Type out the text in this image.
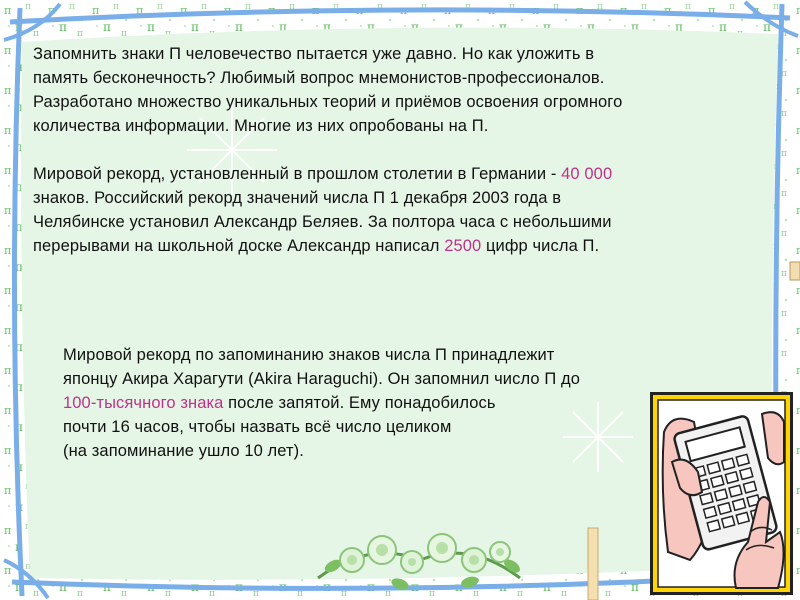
Запомнить знаки П человечество пытается уже давно. Но как уложить в
память бесконечность? Любимый вопрос мнемонистов-профессионалов.
Разработано множество уникальных теорий и приёмов освоения огромного
количества информации. Многие из них опробованы на П.

Мировой рекорд, установленный в прошлом столетии в Германии - 40 000
знаков. Российский рекорд значений числа П 1 декабря 2003 года в
Челябинске установил Александр Беляев. За полтора часа с небольшими
перерывами на школьной доске Александр написал 2500 цифр числа П.

Мировой рекорд по запоминанию знаков числа П принадлежит
японцу Акира Харагути (Akira Haraguchi). Он запомнил число П до
100-тысячного знака после запятой. Ему понадобилось
почти 16 часов, чтобы назвать всё число целиком
(на запоминание ушло 10 лет).
